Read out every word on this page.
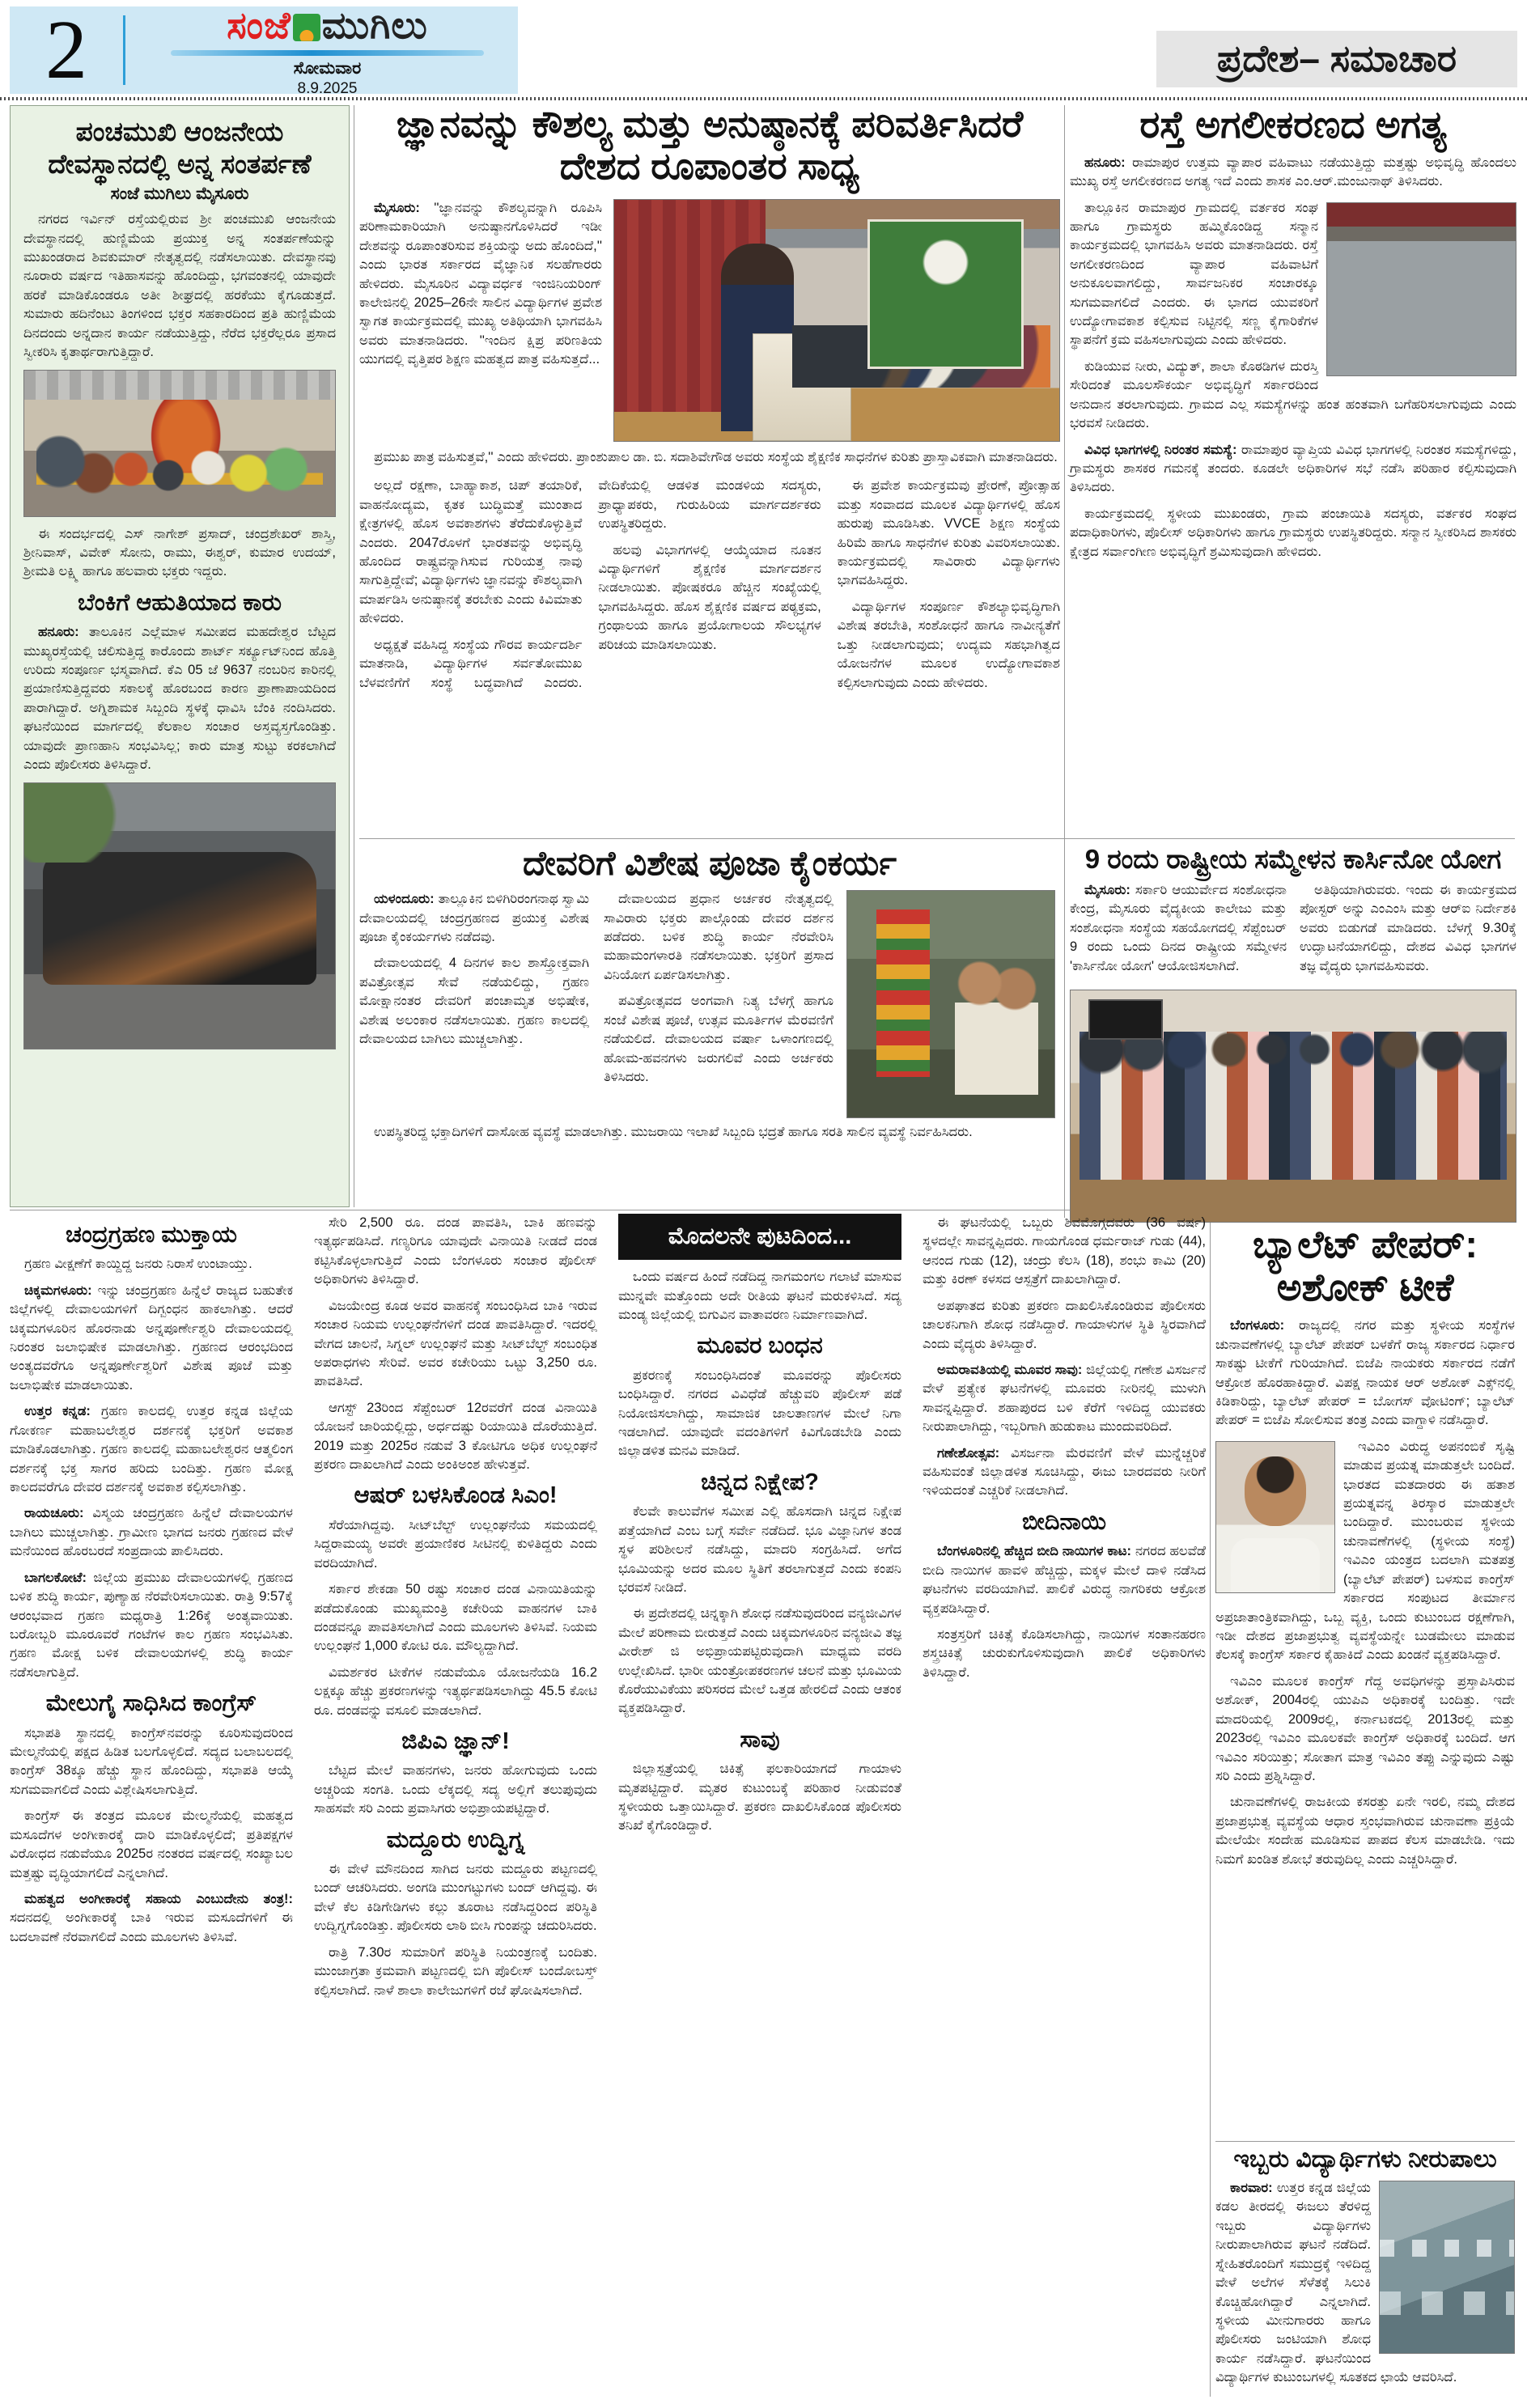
2	ಸಂಜೆ ಮುಗಿಲು
ಸೋಮವಾರ
8.9.2025
ಪ್ರದೇಶ– ಸಮಾಚಾರ
ಪಂಚಮುಖಿ ಆಂಜನೇಯ ದೇವಸ್ಥಾನದಲ್ಲಿ ಅನ್ನ ಸಂತರ್ಪಣೆ
ಸಂಜೆ ಮುಗಿಲು ಮೈಸೂರು

ನಗರದ ಇರ್ವಿನ್ ರಸ್ತೆಯಲ್ಲಿರುವ ಶ್ರೀ ಪಂಚಮುಖಿ ಆಂಜನೇಯ ದೇವಸ್ಥಾನದಲ್ಲಿ ಹುಣ್ಣಿಮೆಯ ಪ್ರಯುಕ್ತ ಅನ್ನ ಸಂತರ್ಪಣೆಯನ್ನು ಮುಖಂಡರಾದ ಶಿವಕುಮಾರ್ ನೇತೃತ್ವದಲ್ಲಿ ನಡೆಸಲಾಯಿತು. ದೇವಸ್ಥಾನವು ನೂರಾರು ವರ್ಷದ ಇತಿಹಾಸವನ್ನು ಹೊಂದಿದ್ದು, ಭಗವಂತನಲ್ಲಿ ಯಾವುದೇ ಹರಕೆ ಮಾಡಿಕೊಂಡರೂ ಅತೀ ಶೀಘ್ರದಲ್ಲಿ ಹರಕೆಯು ಕೈಗೂಡುತ್ತದೆ. ಸುಮಾರು ಹದಿನೆಂಟು ತಿಂಗಳಿಂದ ಭಕ್ತರ ಸಹಕಾರದಿಂದ ಪ್ರತಿ ಹುಣ್ಣಿಮೆಯ ದಿನದಂದು ಅನ್ನದಾನ ಕಾರ್ಯ ನಡೆಯುತ್ತಿದ್ದು, ನೆರೆದ ಭಕ್ತರೆಲ್ಲರೂ ಪ್ರಸಾದ ಸ್ವೀಕರಿಸಿ ಕೃತಾರ್ಥರಾಗುತ್ತಿದ್ದಾರೆ.

ಈ ಸಂದರ್ಭದಲ್ಲಿ ಎಸ್ ನಾಗೇಶ್ ಪ್ರಸಾದ್, ಚಂದ್ರಶೇಖರ್ ಶಾಸ್ತ್ರಿ, ಶ್ರೀನಿವಾಸ್, ವಿವೇಕ್ ಸೋನು, ರಾಮು, ಈಶ್ವರ್, ಕುಮಾರ ಉದಯ್, ಶ್ರೀಮತಿ ಲಕ್ಷ್ಮಿ ಹಾಗೂ ಹಲವಾರು ಭಕ್ತರು ಇದ್ದರು.

ಬೆಂಕಿಗೆ ಆಹುತಿಯಾದ ಕಾರು

ಹನೂರು: ತಾಲೂಕಿನ ಎಲ್ಲೆಮಾಳ ಸಮೀಪದ ಮಹದೇಶ್ವರ ಬೆಟ್ಟದ ಮುಖ್ಯರಸ್ತೆಯಲ್ಲಿ ಚಲಿಸುತ್ತಿದ್ದ ಕಾರೊಂದು ಶಾರ್ಟ್ ಸರ್ಕ್ಯೂಟ್‌ನಿಂದ ಹೊತ್ತಿ ಉರಿದು ಸಂಪೂರ್ಣ ಭಸ್ಮವಾಗಿದೆ. ಕೆಎ 05 ಜೆ 9637 ನಂಬರಿನ ಕಾರಿನಲ್ಲಿ ಪ್ರಯಾಣಿಸುತ್ತಿದ್ದವರು ಸಕಾಲಕ್ಕೆ ಹೊರಬಂದ ಕಾರಣ ಪ್ರಾಣಾಪಾಯದಿಂದ ಪಾರಾಗಿದ್ದಾರೆ. ಅಗ್ನಿಶಾಮಕ ಸಿಬ್ಬಂದಿ ಸ್ಥಳಕ್ಕೆ ಧಾವಿಸಿ ಬೆಂಕಿ ನಂದಿಸಿದರು. ಘಟನೆಯಿಂದ ಮಾರ್ಗದಲ್ಲಿ ಕೆಲಕಾಲ ಸಂಚಾರ ಅಸ್ತವ್ಯಸ್ತಗೊಂಡಿತ್ತು. ಯಾವುದೇ ಪ್ರಾಣಹಾನಿ ಸಂಭವಿಸಿಲ್ಲ; ಕಾರು ಮಾತ್ರ ಸುಟ್ಟು ಕರಕಲಾಗಿದೆ ಎಂದು ಪೊಲೀಸರು ತಿಳಿಸಿದ್ದಾರೆ.

ಜ್ಞಾನವನ್ನು ಕೌಶಲ್ಯ ಮತ್ತು ಅನುಷ್ಠಾನಕ್ಕೆ ಪರಿವರ್ತಿಸಿದರೆ ದೇಶದ ರೂಪಾಂತರ ಸಾಧ್ಯ

ಮೈಸೂರು: ''ಜ್ಞಾನವನ್ನು ಕೌಶಲ್ಯವನ್ನಾಗಿ ರೂಪಿಸಿ ಪರಿಣಾಮಕಾರಿಯಾಗಿ ಅನುಷ್ಠಾನಗೊಳಿಸಿದರೆ ಇಡೀ ದೇಶವನ್ನು ರೂಪಾಂತರಿಸುವ ಶಕ್ತಿಯನ್ನು ಅದು ಹೊಂದಿದೆ,'' ಎಂದು ಭಾರತ ಸರ್ಕಾರದ ವೈಜ್ಞಾನಿಕ ಸಲಹೆಗಾರರು ಹೇಳಿದರು. ಮೈಸೂರಿನ ವಿದ್ಯಾವರ್ಧಕ ಇಂಜಿನಿಯರಿಂಗ್ ಕಾಲೇಜಿನಲ್ಲಿ 2025–26ನೇ ಸಾಲಿನ ವಿದ್ಯಾರ್ಥಿಗಳ ಪ್ರವೇಶ ಸ್ವಾಗತ ಕಾರ್ಯಕ್ರಮದಲ್ಲಿ ಮುಖ್ಯ ಅತಿಥಿಯಾಗಿ ಭಾಗವಹಿಸಿ ಅವರು ಮಾತನಾಡಿದರು. ''ಇಂದಿನ ಕ್ಷಿಪ್ರ ಪರಿಣತಿಯ ಯುಗದಲ್ಲಿ ವೃತ್ತಿಪರ ಶಿಕ್ಷಣ ಮಹತ್ವದ ಪಾತ್ರ ವಹಿಸುತ್ತದೆ...

ಪ್ರಮುಖ ಪಾತ್ರ ವಹಿಸುತ್ತವೆ,'' ಎಂದು ಹೇಳಿದರು. ಪ್ರಾಂಶುಪಾಲ ಡಾ. ಬಿ. ಸದಾಶಿವೇಗೌಡ ಅವರು ಸಂಸ್ಥೆಯ ಶೈಕ್ಷಣಿಕ ಸಾಧನೆಗಳ ಕುರಿತು ಪ್ರಾಸ್ತಾವಿಕವಾಗಿ ಮಾತನಾಡಿದರು.

ಅಲ್ಲದೆ ರಕ್ಷಣಾ, ಬಾಹ್ಯಾಕಾಶ, ಚಿಪ್ ತಯಾರಿಕೆ, ವಾಹನೋದ್ಯಮ, ಕೃತಕ ಬುದ್ಧಿಮತ್ತೆ ಮುಂತಾದ ಕ್ಷೇತ್ರಗಳಲ್ಲಿ ಹೊಸ ಅವಕಾಶಗಳು ತೆರೆದುಕೊಳ್ಳುತ್ತಿವೆ ಎಂದರು. 2047ರೊಳಗೆ ಭಾರತವನ್ನು ಅಭಿವೃದ್ಧಿ ಹೊಂದಿದ ರಾಷ್ಟ್ರವನ್ನಾಗಿಸುವ ಗುರಿಯತ್ತ ನಾವು ಸಾಗುತ್ತಿದ್ದೇವೆ; ವಿದ್ಯಾರ್ಥಿಗಳು ಜ್ಞಾನವನ್ನು ಕೌಶಲ್ಯವಾಗಿ ಮಾರ್ಪಡಿಸಿ ಅನುಷ್ಠಾನಕ್ಕೆ ತರಬೇಕು ಎಂದು ಕಿವಿಮಾತು ಹೇಳಿದರು.

ಅಧ್ಯಕ್ಷತೆ ವಹಿಸಿದ್ದ ಸಂಸ್ಥೆಯ ಗೌರವ ಕಾರ್ಯದರ್ಶಿ ಮಾತನಾಡಿ, ವಿದ್ಯಾರ್ಥಿಗಳ ಸರ್ವತೋಮುಖ ಬೆಳವಣಿಗೆಗೆ ಸಂಸ್ಥೆ ಬದ್ಧವಾಗಿದೆ ಎಂದರು. ವೇದಿಕೆಯಲ್ಲಿ ಆಡಳಿತ ಮಂಡಳಿಯ ಸದಸ್ಯರು, ಪ್ರಾಧ್ಯಾಪಕರು, ಗುರುಹಿರಿಯ ಮಾರ್ಗದರ್ಶಕರು ಉಪಸ್ಥಿತರಿದ್ದರು.

ಹಲವು ವಿಭಾಗಗಳಲ್ಲಿ ಆಯ್ಕೆಯಾದ ನೂತನ ವಿದ್ಯಾರ್ಥಿಗಳಿಗೆ ಶೈಕ್ಷಣಿಕ ಮಾರ್ಗದರ್ಶನ ನೀಡಲಾಯಿತು. ಪೋಷಕರೂ ಹೆಚ್ಚಿನ ಸಂಖ್ಯೆಯಲ್ಲಿ ಭಾಗವಹಿಸಿದ್ದರು. ಹೊಸ ಶೈಕ್ಷಣಿಕ ವರ್ಷದ ಪಠ್ಯಕ್ರಮ, ಗ್ರಂಥಾಲಯ ಹಾಗೂ ಪ್ರಯೋಗಾಲಯ ಸೌಲಭ್ಯಗಳ ಪರಿಚಯ ಮಾಡಿಸಲಾಯಿತು.

ಈ ಪ್ರವೇಶ ಕಾರ್ಯಕ್ರಮವು ಪ್ರೇರಣೆ, ಪ್ರೋತ್ಸಾಹ ಮತ್ತು ಸಂವಾದದ ಮೂಲಕ ವಿದ್ಯಾರ್ಥಿಗಳಲ್ಲಿ ಹೊಸ ಹುರುಪು ಮೂಡಿಸಿತು. VVCE ಶಿಕ್ಷಣ ಸಂಸ್ಥೆಯ ಹಿರಿಮೆ ಹಾಗೂ ಸಾಧನೆಗಳ ಕುರಿತು ವಿವರಿಸಲಾಯಿತು. ಕಾರ್ಯಕ್ರಮದಲ್ಲಿ ಸಾವಿರಾರು ವಿದ್ಯಾರ್ಥಿಗಳು ಭಾಗವಹಿಸಿದ್ದರು.

ವಿದ್ಯಾರ್ಥಿಗಳ ಸಂಪೂರ್ಣ ಕೌಶಲ್ಯಾಭಿವೃದ್ಧಿಗಾಗಿ ವಿಶೇಷ ತರಬೇತಿ, ಸಂಶೋಧನೆ ಹಾಗೂ ನಾವೀನ್ಯತೆಗೆ ಒತ್ತು ನೀಡಲಾಗುವುದು; ಉದ್ಯಮ ಸಹಭಾಗಿತ್ವದ ಯೋಜನೆಗಳ ಮೂಲಕ ಉದ್ಯೋಗಾವಕಾಶ ಕಲ್ಪಿಸಲಾಗುವುದು ಎಂದು ಹೇಳಿದರು.

ರಸ್ತೆ ಅಗಲೀಕರಣದ ಅಗತ್ಯ

ಹನೂರು: ರಾಮಾಪುರ ಉತ್ತಮ ವ್ಯಾಪಾರ ವಹಿವಾಟು ನಡೆಯುತ್ತಿದ್ದು ಮತ್ತಷ್ಟು ಅಭಿವೃದ್ಧಿ ಹೊಂದಲು ಮುಖ್ಯ ರಸ್ತೆ ಅಗಲೀಕರಣದ ಅಗತ್ಯ ಇದೆ ಎಂದು ಶಾಸಕ ಎಂ.ಆರ್.ಮಂಜುನಾಥ್ ತಿಳಿಸಿದರು.

ತಾಲ್ಲೂಕಿನ ರಾಮಾಪುರ ಗ್ರಾಮದಲ್ಲಿ ವರ್ತಕರ ಸಂಘ ಹಾಗೂ ಗ್ರಾಮಸ್ಥರು ಹಮ್ಮಿಕೊಂಡಿದ್ದ ಸನ್ಮಾನ ಕಾರ್ಯಕ್ರಮದಲ್ಲಿ ಭಾಗವಹಿಸಿ ಅವರು ಮಾತನಾಡಿದರು. ರಸ್ತೆ ಅಗಲೀಕರಣದಿಂದ ವ್ಯಾಪಾರ ವಹಿವಾಟಿಗೆ ಅನುಕೂಲವಾಗಲಿದ್ದು, ಸಾರ್ವಜನಿಕರ ಸಂಚಾರಕ್ಕೂ ಸುಗಮವಾಗಲಿದೆ ಎಂದರು. ಈ ಭಾಗದ ಯುವಕರಿಗೆ ಉದ್ಯೋಗಾವಕಾಶ ಕಲ್ಪಿಸುವ ನಿಟ್ಟಿನಲ್ಲಿ ಸಣ್ಣ ಕೈಗಾರಿಕೆಗಳ ಸ್ಥಾಪನೆಗೆ ಕ್ರಮ ವಹಿಸಲಾಗುವುದು ಎಂದು ಹೇಳಿದರು.

ಕುಡಿಯುವ ನೀರು, ವಿದ್ಯುತ್, ಶಾಲಾ ಕೊಠಡಿಗಳ ದುರಸ್ತಿ ಸೇರಿದಂತೆ ಮೂಲಸೌಕರ್ಯ ಅಭಿವೃದ್ಧಿಗೆ ಸರ್ಕಾರದಿಂದ ಅನುದಾನ ತರಲಾಗುವುದು. ಗ್ರಾಮದ ಎಲ್ಲ ಸಮಸ್ಯೆಗಳನ್ನು ಹಂತ ಹಂತವಾಗಿ ಬಗೆಹರಿಸಲಾಗುವುದು ಎಂದು ಭರವಸೆ ನೀಡಿದರು.

ವಿವಿಧ ಭಾಗಗಳಲ್ಲಿ ನಿರಂತರ ಸಮಸ್ಯೆ: ರಾಮಾಪುರ ವ್ಯಾಪ್ತಿಯ ವಿವಿಧ ಭಾಗಗಳಲ್ಲಿ ನಿರಂತರ ಸಮಸ್ಯೆಗಳಿದ್ದು, ಗ್ರಾಮಸ್ಥರು ಶಾಸಕರ ಗಮನಕ್ಕೆ ತಂದರು. ಕೂಡಲೇ ಅಧಿಕಾರಿಗಳ ಸಭೆ ನಡೆಸಿ ಪರಿಹಾರ ಕಲ್ಪಿಸುವುದಾಗಿ ತಿಳಿಸಿದರು.

ಕಾರ್ಯಕ್ರಮದಲ್ಲಿ ಸ್ಥಳೀಯ ಮುಖಂಡರು, ಗ್ರಾಮ ಪಂಚಾಯಿತಿ ಸದಸ್ಯರು, ವರ್ತಕರ ಸಂಘದ ಪದಾಧಿಕಾರಿಗಳು, ಪೊಲೀಸ್ ಅಧಿಕಾರಿಗಳು ಹಾಗೂ ಗ್ರಾಮಸ್ಥರು ಉಪಸ್ಥಿತರಿದ್ದರು. ಸನ್ಮಾನ ಸ್ವೀಕರಿಸಿದ ಶಾಸಕರು ಕ್ಷೇತ್ರದ ಸರ್ವಾಂಗೀಣ ಅಭಿವೃದ್ಧಿಗೆ ಶ್ರಮಿಸುವುದಾಗಿ ಹೇಳಿದರು.

ದೇವರಿಗೆ ವಿಶೇಷ ಪೂಜಾ ಕೈಂಕರ್ಯ

ಯಳಂದೂರು: ತಾಲ್ಲೂಕಿನ ಬಿಳಿಗಿರಿರಂಗನಾಥ ಸ್ವಾಮಿ ದೇವಾಲಯದಲ್ಲಿ ಚಂದ್ರಗ್ರಹಣದ ಪ್ರಯುಕ್ತ ವಿಶೇಷ ಪೂಜಾ ಕೈಂಕರ್ಯಗಳು ನಡೆದವು.

ದೇವಾಲಯದಲ್ಲಿ 4 ದಿನಗಳ ಕಾಲ ಶಾಸ್ತ್ರೋಕ್ತವಾಗಿ ಪವಿತ್ರೋತ್ಸವ ಸೇವೆ ನಡೆಯಲಿದ್ದು, ಗ್ರಹಣ ಮೋಕ್ಷಾನಂತರ ದೇವರಿಗೆ ಪಂಚಾಮೃತ ಅಭಿಷೇಕ, ವಿಶೇಷ ಅಲಂಕಾರ ನಡೆಸಲಾಯಿತು. ಗ್ರಹಣ ಕಾಲದಲ್ಲಿ ದೇವಾಲಯದ ಬಾಗಿಲು ಮುಚ್ಚಲಾಗಿತ್ತು.

ದೇವಾಲಯದ ಪ್ರಧಾನ ಅರ್ಚಕರ ನೇತೃತ್ವದಲ್ಲಿ ಸಾವಿರಾರು ಭಕ್ತರು ಪಾಲ್ಗೊಂಡು ದೇವರ ದರ್ಶನ ಪಡೆದರು. ಬಳಿಕ ಶುದ್ಧಿ ಕಾರ್ಯ ನೆರವೇರಿಸಿ ಮಹಾಮಂಗಳಾರತಿ ನಡೆಸಲಾಯಿತು. ಭಕ್ತರಿಗೆ ಪ್ರಸಾದ ವಿನಿಯೋಗ ಏರ್ಪಡಿಸಲಾಗಿತ್ತು.

ಪವಿತ್ರೋತ್ಸವದ ಅಂಗವಾಗಿ ನಿತ್ಯ ಬೆಳಗ್ಗೆ ಹಾಗೂ ಸಂಜೆ ವಿಶೇಷ ಪೂಜೆ, ಉತ್ಸವ ಮೂರ್ತಿಗಳ ಮೆರವಣಿಗೆ ನಡೆಯಲಿದೆ. ದೇವಾಲಯದ ವರ್ಷಾ ಒಳಾಂಗಣದಲ್ಲಿ ಹೋಮ-ಹವನಗಳು ಜರುಗಲಿವೆ ಎಂದು ಅರ್ಚಕರು ತಿಳಿಸಿದರು.

ಉಪಸ್ಥಿತರಿದ್ದ ಭಕ್ತಾದಿಗಳಿಗೆ ದಾಸೋಹ ವ್ಯವಸ್ಥೆ ಮಾಡಲಾಗಿತ್ತು. ಮುಜರಾಯಿ ಇಲಾಖೆ ಸಿಬ್ಬಂದಿ ಭದ್ರತೆ ಹಾಗೂ ಸರತಿ ಸಾಲಿನ ವ್ಯವಸ್ಥೆ ನಿರ್ವಹಿಸಿದರು.

9 ರಂದು ರಾಷ್ಟ್ರೀಯ ಸಮ್ಮೇಳನ ಕಾರ್ಸಿನೋ ಯೋಗ

ಮೈಸೂರು: ಸರ್ಕಾರಿ ಆಯುರ್ವೇದ ಸಂಶೋಧನಾ ಕೇಂದ್ರ, ಮೈಸೂರು ವೈದ್ಯಕೀಯ ಕಾಲೇಜು ಮತ್ತು ಸಂಶೋಧನಾ ಸಂಸ್ಥೆಯ ಸಹಯೋಗದಲ್ಲಿ ಸೆಪ್ಟೆಂಬರ್ 9 ರಂದು ಒಂದು ದಿನದ ರಾಷ್ಟ್ರೀಯ ಸಮ್ಮೇಳನ 'ಕಾರ್ಸಿನೋ ಯೋಗ' ಆಯೋಜಿಸಲಾಗಿದೆ.

ಅತಿಥಿಯಾಗಿರುವರು. ಇಂದು ಈ ಕಾರ್ಯಕ್ರಮದ ಪೋಸ್ಟರ್ ಅನ್ನು ಎಂಎಂಸಿ ಮತ್ತು ಆರ್‌ಐ ನಿರ್ದೇಶಕಿ ಅವರು ಬಿಡುಗಡೆ ಮಾಡಿದರು. ಬೆಳಗ್ಗೆ 9.30ಕ್ಕೆ ಉದ್ಘಾಟನೆಯಾಗಲಿದ್ದು, ದೇಶದ ವಿವಿಧ ಭಾಗಗಳ ತಜ್ಞ ವೈದ್ಯರು ಭಾಗವಹಿಸುವರು.

ಬ್ಯಾಲೆಟ್ ಪೇಪರ್:
ಅಶೋಕ್ ಟೀಕೆ

ಬೆಂಗಳೂರು: ರಾಜ್ಯದಲ್ಲಿ ನಗರ ಮತ್ತು ಸ್ಥಳೀಯ ಸಂಸ್ಥೆಗಳ ಚುನಾವಣೆಗಳಲ್ಲಿ ಬ್ಯಾಲೆಟ್ ಪೇಪರ್ ಬಳಕೆಗೆ ರಾಜ್ಯ ಸರ್ಕಾರದ ನಿರ್ಧಾರ ಸಾಕಷ್ಟು ಟೀಕೆಗೆ ಗುರಿಯಾಗಿದೆ. ಬಿಜೆಪಿ ನಾಯಕರು ಸರ್ಕಾರದ ನಡೆಗೆ ಆಕ್ರೋಶ ಹೊರಹಾಕಿದ್ದಾರೆ. ವಿಪಕ್ಷ ನಾಯಕ ಆರ್ ಅಶೋಕ್ ಎಕ್ಸ್‌ನಲ್ಲಿ ಕಿಡಿಕಾರಿದ್ದು, ಬ್ಯಾಲೆಟ್ ಪೇಪರ್ = ಬೋಗಸ್ ವೋಟಿಂಗ್; ಬ್ಯಾಲೆಟ್ ಪೇಪರ್ = ಬಿಜೆಪಿ ಸೋಲಿಸುವ ತಂತ್ರ ಎಂದು ವಾಗ್ದಾಳಿ ನಡೆಸಿದ್ದಾರೆ.

ಇವಿಎಂ ವಿರುದ್ಧ ಅಪನಂಬಿಕೆ ಸೃಷ್ಟಿ ಮಾಡುವ ಪ್ರಯತ್ನ ಮಾಡುತ್ತಲೇ ಬಂದಿದೆ. ಭಾರತದ ಮತದಾರರು ಈ ಹತಾಶ ಪ್ರಯತ್ನವನ್ನ ತಿರಸ್ಕಾರ ಮಾಡುತ್ತಲೇ ಬಂದಿದ್ದಾರೆ. ಮುಂಬರುವ ಸ್ಥಳೀಯ ಚುನಾವಣೆಗಳಲ್ಲಿ (ಸ್ಥಳೀಯ ಸಂಸ್ಥೆ) ಇವಿಎಂ ಯಂತ್ರದ ಬದಲಾಗಿ ಮತಪತ್ರ (ಬ್ಯಾಲೆಟ್ ಪೇಪರ್) ಬಳಸುವ ಕಾಂಗ್ರೆಸ್ ಸರ್ಕಾರದ ಸಂಪುಟದ ತೀರ್ಮಾನ ಅಪ್ರಜಾತಾಂತ್ರಿಕವಾಗಿದ್ದು, ಒಬ್ಬ ವ್ಯಕ್ತಿ, ಒಂದು ಕುಟುಂಬದ ರಕ್ಷಣೆಗಾಗಿ, ಇಡೀ ದೇಶದ ಪ್ರಜಾಪ್ರಭುತ್ವ ವ್ಯವಸ್ಥೆಯನ್ನೇ ಬುಡಮೇಲು ಮಾಡುವ ಕೆಲಸಕ್ಕೆ ಕಾಂಗ್ರೆಸ್ ಸರ್ಕಾರ ಕೈಹಾಕಿದೆ ಎಂದು ಖಂಡನೆ ವ್ಯಕ್ತಪಡಿಸಿದ್ದಾರೆ.

ಇವಿಎಂ ಮೂಲಕ ಕಾಂಗ್ರೆಸ್ ಗೆದ್ದ ಅವಧಿಗಳನ್ನು ಪ್ರಸ್ತಾಪಿಸಿರುವ ಅಶೋಕ್, 2004ರಲ್ಲಿ ಯುಪಿಎ ಅಧಿಕಾರಕ್ಕೆ ಬಂದಿತ್ತು. ಇದೇ ಮಾದರಿಯಲ್ಲಿ 2009ರಲ್ಲಿ, ಕರ್ನಾಟಕದಲ್ಲಿ 2013ರಲ್ಲಿ ಮತ್ತು 2023ರಲ್ಲಿ ಇವಿಎಂ ಮೂಲಕವೇ ಕಾಂಗ್ರೆಸ್ ಅಧಿಕಾರಕ್ಕೆ ಬಂದಿದೆ. ಆಗ ಇವಿಎಂ ಸರಿಯಿತ್ತು; ಸೋತಾಗ ಮಾತ್ರ ಇವಿಎಂ ತಪ್ಪು ಎನ್ನುವುದು ಎಷ್ಟು ಸರಿ ಎಂದು ಪ್ರಶ್ನಿಸಿದ್ದಾರೆ.

ಚುನಾವಣೆಗಳಲ್ಲಿ ರಾಜಕೀಯ ಕಸರತ್ತು ಏನೇ ಇರಲಿ, ನಮ್ಮ ದೇಶದ ಪ್ರಜಾಪ್ರಭುತ್ವ ವ್ಯವಸ್ಥೆಯ ಆಧಾರ ಸ್ತಂಭವಾಗಿರುವ ಚುನಾವಣಾ ಪ್ರಕ್ರಿಯೆ ಮೇಲೆಯೇ ಸಂದೇಹ ಮೂಡಿಸುವ ಪಾಪದ ಕೆಲಸ ಮಾಡಬೇಡಿ. ಇದು ನಿಮಗೆ ಖಂಡಿತ ಶೋಭೆ ತರುವುದಿಲ್ಲ ಎಂದು ಎಚ್ಚರಿಸಿದ್ದಾರೆ.

ಚಂದ್ರಗ್ರಹಣ ಮುಕ್ತಾಯ

ಗ್ರಹಣ ವೀಕ್ಷಣೆಗೆ ಕಾಯ್ದಿದ್ದ ಜನರು ನಿರಾಸೆ ಉಂಟಾಯ್ತು.

ಚಿಕ್ಕಮಗಳೂರು: ಇನ್ನು ಚಂದ್ರಗ್ರಹಣ ಹಿನ್ನೆಲೆ ರಾಜ್ಯದ ಬಹುತೇಕ ಜಿಲ್ಲೆಗಳಲ್ಲಿ ದೇವಾಲಯಗಳಿಗೆ ದಿಗ್ಬಂಧನ ಹಾಕಲಾಗಿತ್ತು. ಆದರೆ ಚಿಕ್ಕಮಗಳೂರಿನ ಹೊರನಾಡು ಅನ್ನಪೂರ್ಣೇಶ್ವರಿ ದೇವಾಲಯದಲ್ಲಿ ನಿರಂತರ ಜಲಾಭಿಷೇಕ ಮಾಡಲಾಗಿತ್ತು. ಗ್ರಹಣದ ಆರಂಭದಿಂದ ಅಂತ್ಯದವರೆಗೂ ಅನ್ನಪೂರ್ಣೇಶ್ವರಿಗೆ ವಿಶೇಷ ಪೂಜೆ ಮತ್ತು ಜಲಾಭಿಷೇಕ ಮಾಡಲಾಯಿತು.

ಉತ್ತರ ಕನ್ನಡ: ಗ್ರಹಣ ಕಾಲದಲ್ಲಿ ಉತ್ತರ ಕನ್ನಡ ಜಿಲ್ಲೆಯ ಗೋಕರ್ಣ ಮಹಾಬಲೇಶ್ವರ ದರ್ಶನಕ್ಕೆ ಭಕ್ತರಿಗೆ ಅವಕಾಶ ಮಾಡಿಕೊಡಲಾಗಿತ್ತು. ಗ್ರಹಣ ಕಾಲದಲ್ಲಿ ಮಹಾಬಲೇಶ್ವರನ ಆತ್ಮಲಿಂಗ ದರ್ಶನಕ್ಕೆ ಭಕ್ತ ಸಾಗರ ಹರಿದು ಬಂದಿತ್ತು. ಗ್ರಹಣ ಮೋಕ್ಷ ಕಾಲದವರೆಗೂ ದೇವರ ದರ್ಶನಕ್ಕೆ ಅವಕಾಶ ಕಲ್ಪಿಸಲಾಗಿತ್ತು.

ರಾಯಚೂರು: ವಿಸ್ಮಯ ಚಂದ್ರಗ್ರಹಣ ಹಿನ್ನೆಲೆ ದೇವಾಲಯಗಳ ಬಾಗಿಲು ಮುಚ್ಚಲಾಗಿತ್ತು. ಗ್ರಾಮೀಣ ಭಾಗದ ಜನರು ಗ್ರಹಣದ ವೇಳೆ ಮನೆಯಿಂದ ಹೊರಬರದೆ ಸಂಪ್ರದಾಯ ಪಾಲಿಸಿದರು.

ಬಾಗಲಕೋಟೆ: ಜಿಲ್ಲೆಯ ಪ್ರಮುಖ ದೇವಾಲಯಗಳಲ್ಲಿ ಗ್ರಹಣದ ಬಳಿಕ ಶುದ್ಧಿ ಕಾರ್ಯ, ಪುಣ್ಯಾಹ ನೆರವೇರಿಸಲಾಯಿತು. ರಾತ್ರಿ 9:57ಕ್ಕೆ ಆರಂಭವಾದ ಗ್ರಹಣ ಮಧ್ಯರಾತ್ರಿ 1:26ಕ್ಕೆ ಅಂತ್ಯವಾಯಿತು. ಬರೋಬ್ಬರಿ ಮೂರೂವರೆ ಗಂಟೆಗಳ ಕಾಲ ಗ್ರಹಣ ಸಂಭವಿಸಿತು. ಗ್ರಹಣ ಮೋಕ್ಷ ಬಳಿಕ ದೇವಾಲಯಗಳಲ್ಲಿ ಶುದ್ಧಿ ಕಾರ್ಯ ನಡೆಸಲಾಗುತ್ತಿದೆ.

ಮೇಲುಗೈ ಸಾಧಿಸಿದ ಕಾಂಗ್ರೆಸ್

ಸಭಾಪತಿ ಸ್ಥಾನದಲ್ಲಿ ಕಾಂಗ್ರೆಸ್‌ನವರನ್ನು ಕೂರಿಸುವುದರಿಂದ ಮೇಲ್ಮನೆಯಲ್ಲಿ ಪಕ್ಷದ ಹಿಡಿತ ಬಲಗೊಳ್ಳಲಿದೆ. ಸದ್ಯದ ಬಲಾಬಲದಲ್ಲಿ ಕಾಂಗ್ರೆಸ್ 38ಕ್ಕೂ ಹೆಚ್ಚು ಸ್ಥಾನ ಹೊಂದಿದ್ದು, ಸಭಾಪತಿ ಆಯ್ಕೆ ಸುಗಮವಾಗಲಿದೆ ಎಂದು ವಿಶ್ಲೇಷಿಸಲಾಗುತ್ತಿದೆ.

ಕಾಂಗ್ರೆಸ್ ಈ ತಂತ್ರದ ಮೂಲಕ ಮೇಲ್ಮನೆಯಲ್ಲಿ ಮಹತ್ವದ ಮಸೂದೆಗಳ ಅಂಗೀಕಾರಕ್ಕೆ ದಾರಿ ಮಾಡಿಕೊಳ್ಳಲಿದೆ; ಪ್ರತಿಪಕ್ಷಗಳ ವಿರೋಧದ ನಡುವೆಯೂ 2025ರ ನಂತರದ ವರ್ಷದಲ್ಲಿ ಸಂಖ್ಯಾಬಲ ಮತ್ತಷ್ಟು ವೃದ್ಧಿಯಾಗಲಿದೆ ಎನ್ನಲಾಗಿದೆ.

ಮಹತ್ವದ ಅಂಗೀಕಾರಕ್ಕೆ ಸಹಾಯ ಎಂಬುದೇನು ತಂತ್ರ!: ಸದನದಲ್ಲಿ ಅಂಗೀಕಾರಕ್ಕೆ ಬಾಕಿ ಇರುವ ಮಸೂದೆಗಳಿಗೆ ಈ ಬದಲಾವಣೆ ನೆರವಾಗಲಿದೆ ಎಂದು ಮೂಲಗಳು ತಿಳಿಸಿವೆ.

ಸೇರಿ 2,500 ರೂ. ದಂಡ ಪಾವತಿಸಿ, ಬಾಕಿ ಹಣವನ್ನು ಇತ್ಯರ್ಥಪಡಿಸಿದೆ. ಗಣ್ಯರಿಗೂ ಯಾವುದೇ ವಿನಾಯಿತಿ ನೀಡದೆ ದಂಡ ಕಟ್ಟಿಸಿಕೊಳ್ಳಲಾಗುತ್ತಿದೆ ಎಂದು ಬೆಂಗಳೂರು ಸಂಚಾರ ಪೊಲೀಸ್ ಅಧಿಕಾರಿಗಳು ತಿಳಿಸಿದ್ದಾರೆ.

ವಿಜಯೇಂದ್ರ ಕೂಡ ಅವರ ವಾಹನಕ್ಕೆ ಸಂಬಂಧಿಸಿದ ಬಾಕಿ ಇರುವ ಸಂಚಾರ ನಿಯಮ ಉಲ್ಲಂಘನೆಗಳಿಗೆ ದಂಡ ಪಾವತಿಸಿದ್ದಾರೆ. ಇದರಲ್ಲಿ ವೇಗದ ಚಾಲನೆ, ಸಿಗ್ನಲ್ ಉಲ್ಲಂಘನೆ ಮತ್ತು ಸೀಟ್‌ಬೆಲ್ಟ್ ಸಂಬಂಧಿತ ಅಪರಾಧಗಳು ಸೇರಿವೆ. ಅವರ ಕಚೇರಿಯು ಒಟ್ಟು 3,250 ರೂ. ಪಾವತಿಸಿದೆ.

ಆಗಸ್ಟ್ 23ರಿಂದ ಸೆಪ್ಟೆಂಬರ್ 12ರವರೆಗೆ ದಂಡ ವಿನಾಯಿತಿ ಯೋಜನೆ ಜಾರಿಯಲ್ಲಿದ್ದು, ಅರ್ಧದಷ್ಟು ರಿಯಾಯಿತಿ ದೊರೆಯುತ್ತಿದೆ. 2019 ಮತ್ತು 2025ರ ನಡುವೆ 3 ಕೋಟಿಗೂ ಅಧಿಕ ಉಲ್ಲಂಘನೆ ಪ್ರಕರಣ ದಾಖಲಾಗಿದೆ ಎಂದು ಅಂಕಿಅಂಶ ಹೇಳುತ್ತವೆ.

ಆಷರ್ ಬಳಸಿಕೊಂಡ ಸಿಎಂ!

ಸೆರೆಯಾಗಿದ್ದವು. ಸೀಟ್‌ಬೆಲ್ಟ್ ಉಲ್ಲಂಘನೆಯ ಸಮಯದಲ್ಲಿ ಸಿದ್ದರಾಮಯ್ಯ ಅವರೇ ಪ್ರಯಾಣಿಕರ ಸೀಟಿನಲ್ಲಿ ಕುಳಿತಿದ್ದರು ಎಂದು ವರದಿಯಾಗಿದೆ.

ಸರ್ಕಾರ ಶೇಕಡಾ 50 ರಷ್ಟು ಸಂಚಾರ ದಂಡ ವಿನಾಯಿತಿಯನ್ನು ಪಡೆದುಕೊಂಡು ಮುಖ್ಯಮಂತ್ರಿ ಕಚೇರಿಯ ವಾಹನಗಳ ಬಾಕಿ ದಂಡವನ್ನೂ ಪಾವತಿಸಲಾಗಿದೆ ಎಂದು ಮೂಲಗಳು ತಿಳಿಸಿವೆ. ನಿಯಮ ಉಲ್ಲಂಘನೆ 1,000 ಕೋಟಿ ರೂ. ಮೌಲ್ಯದ್ದಾಗಿದೆ.

ವಿಮರ್ಶಕರ ಟೀಕೆಗಳ ನಡುವೆಯೂ ಯೋಜನೆಯಡಿ 16.2 ಲಕ್ಷಕ್ಕೂ ಹೆಚ್ಚು ಪ್ರಕರಣಗಳನ್ನು ಇತ್ಯರ್ಥಪಡಿಸಲಾಗಿದ್ದು 45.5 ಕೋಟಿ ರೂ. ದಂಡವನ್ನು ವಸೂಲಿ ಮಾಡಲಾಗಿದೆ.

ಜಿಪಿಎ ಜ್ಞಾನ್!

ಬೆಟ್ಟದ ಮೇಲೆ ವಾಹನಗಳು, ಜನರು ಹೋಗುವುದು ಒಂದು ಅಚ್ಚರಿಯ ಸಂಗತಿ. ಒಂದು ಲೆಕ್ಕದಲ್ಲಿ ಸದ್ಯ ಅಲ್ಲಿಗೆ ತಲುಪುವುದು ಸಾಹಸವೇ ಸರಿ ಎಂದು ಪ್ರವಾಸಿಗರು ಅಭಿಪ್ರಾಯಪಟ್ಟಿದ್ದಾರೆ.

ಮದ್ದೂರು ಉದ್ವಿಗ್ನ

ಈ ವೇಳೆ ಮೌನದಿಂದ ಸಾಗಿದ ಜನರು ಮದ್ದೂರು ಪಟ್ಟಣದಲ್ಲಿ ಬಂದ್ ಆಚರಿಸಿದರು. ಅಂಗಡಿ ಮುಂಗಟ್ಟುಗಳು ಬಂದ್ ಆಗಿದ್ದವು. ಈ ವೇಳೆ ಕೆಲ ಕಿಡಿಗೇಡಿಗಳು ಕಲ್ಲು ತೂರಾಟ ನಡೆಸಿದ್ದರಿಂದ ಪರಿಸ್ಥಿತಿ ಉದ್ವಿಗ್ನಗೊಂಡಿತ್ತು. ಪೊಲೀಸರು ಲಾಠಿ ಬೀಸಿ ಗುಂಪನ್ನು ಚದುರಿಸಿದರು.

ರಾತ್ರಿ 7.30ರ ಸುಮಾರಿಗೆ ಪರಿಸ್ಥಿತಿ ನಿಯಂತ್ರಣಕ್ಕೆ ಬಂದಿತು. ಮುಂಜಾಗ್ರತಾ ಕ್ರಮವಾಗಿ ಪಟ್ಟಣದಲ್ಲಿ ಬಿಗಿ ಪೊಲೀಸ್ ಬಂದೋಬಸ್ತ್ ಕಲ್ಪಿಸಲಾಗಿದೆ. ನಾಳೆ ಶಾಲಾ ಕಾಲೇಜುಗಳಿಗೆ ರಜೆ ಘೋಷಿಸಲಾಗಿದೆ.

ಮೊದಲನೇ ಪುಟದಿಂದ...

ಒಂದು ವರ್ಷದ ಹಿಂದೆ ನಡೆದಿದ್ದ ನಾಗಮಂಗಲ ಗಲಾಟೆ ಮಾಸುವ ಮುನ್ನವೇ ಮತ್ತೊಂದು ಅದೇ ರೀತಿಯ ಘಟನೆ ಮರುಕಳಿಸಿದೆ. ಸದ್ಯ ಮಂಡ್ಯ ಜಿಲ್ಲೆಯಲ್ಲಿ ಬಿಗುವಿನ ವಾತಾವರಣ ನಿರ್ಮಾಣವಾಗಿದೆ.

ಮೂವರ ಬಂಧನ

ಪ್ರಕರಣಕ್ಕೆ ಸಂಬಂಧಿಸಿದಂತೆ ಮೂವರನ್ನು ಪೊಲೀಸರು ಬಂಧಿಸಿದ್ದಾರೆ. ನಗರದ ವಿವಿಧೆಡೆ ಹೆಚ್ಚುವರಿ ಪೊಲೀಸ್ ಪಡೆ ನಿಯೋಜಿಸಲಾಗಿದ್ದು, ಸಾಮಾಜಿಕ ಜಾಲತಾಣಗಳ ಮೇಲೆ ನಿಗಾ ಇಡಲಾಗಿದೆ. ಯಾವುದೇ ವದಂತಿಗಳಿಗೆ ಕಿವಿಗೊಡಬೇಡಿ ಎಂದು ಜಿಲ್ಲಾಡಳಿತ ಮನವಿ ಮಾಡಿದೆ.

ಚಿನ್ನದ ನಿಕ್ಷೇಪ?

ಕೆಲವೇ ಕಾಲುವೆಗಳ ಸಮೀಪ ಎಲ್ಲಿ ಹೊಸದಾಗಿ ಚಿನ್ನದ ನಿಕ್ಷೇಪ ಪತ್ತೆಯಾಗಿದೆ ಎಂಬ ಬಗ್ಗೆ ಸರ್ವೇ ನಡೆದಿದೆ. ಭೂ ವಿಜ್ಞಾನಿಗಳ ತಂಡ ಸ್ಥಳ ಪರಿಶೀಲನೆ ನಡೆಸಿದ್ದು, ಮಾದರಿ ಸಂಗ್ರಹಿಸಿದೆ. ಅಗೆದ ಭೂಮಿಯನ್ನು ಅದರ ಮೂಲ ಸ್ಥಿತಿಗೆ ತರಲಾಗುತ್ತದೆ ಎಂದು ಕಂಪನಿ ಭರವಸೆ ನೀಡಿದೆ.

ಈ ಪ್ರದೇಶದಲ್ಲಿ ಚಿನ್ನಕ್ಕಾಗಿ ಶೋಧ ನಡೆಸುವುದರಿಂದ ವನ್ಯಜೀವಿಗಳ ಮೇಲೆ ಪರಿಣಾಮ ಬೀರುತ್ತದೆ ಎಂದು ಚಿಕ್ಕಮಗಳೂರಿನ ವನ್ಯಜೀವಿ ತಜ್ಞ ವೀರೇಶ್ ಜಿ ಅಭಿಪ್ರಾಯಪಟ್ಟಿರುವುದಾಗಿ ಮಾಧ್ಯಮ ವರದಿ ಉಲ್ಲೇಖಿಸಿದೆ. ಭಾರೀ ಯಂತ್ರೋಪಕರಣಗಳ ಚಲನೆ ಮತ್ತು ಭೂಮಿಯ ಕೊರೆಯುವಿಕೆಯು ಪರಿಸರದ ಮೇಲೆ ಒತ್ತಡ ಹೇರಲಿದೆ ಎಂದು ಆತಂಕ ವ್ಯಕ್ತಪಡಿಸಿದ್ದಾರೆ.

ಸಾವು

ಜಿಲ್ಲಾಸ್ಪತ್ರೆಯಲ್ಲಿ ಚಿಕಿತ್ಸೆ ಫಲಕಾರಿಯಾಗದೆ ಗಾಯಾಳು ಮೃತಪಟ್ಟಿದ್ದಾರೆ. ಮೃತರ ಕುಟುಂಬಕ್ಕೆ ಪರಿಹಾರ ನೀಡುವಂತೆ ಸ್ಥಳೀಯರು ಒತ್ತಾಯಿಸಿದ್ದಾರೆ. ಪ್ರಕರಣ ದಾಖಲಿಸಿಕೊಂಡ ಪೊಲೀಸರು ತನಿಖೆ ಕೈಗೊಂಡಿದ್ದಾರೆ.

ಈ ಘಟನೆಯಲ್ಲಿ ಒಬ್ಬರು ಶಿವಮೊಗ್ಗದವರು (36 ವರ್ಷ) ಸ್ಥಳದಲ್ಲೇ ಸಾವನ್ನಪ್ಪಿದರು. ಗಾಯಗೊಂಡ ಧರ್ಮರಾಜ್ ಗುಡು (44), ಆನಂದ ಗುಡು (12), ಚಂದ್ರು ಕೆಲಸಿ (18), ಶಂಭು ಕಾಮಿ (20) ಮತ್ತು ಕಿರಣ್ ಕಳಸದ ಆಸ್ಪತ್ರೆಗೆ ದಾಖಲಾಗಿದ್ದಾರೆ.

ಅಪಘಾತದ ಕುರಿತು ಪ್ರಕರಣ ದಾಖಲಿಸಿಕೊಂಡಿರುವ ಪೊಲೀಸರು ಚಾಲಕನಿಗಾಗಿ ಶೋಧ ನಡೆಸಿದ್ದಾರೆ. ಗಾಯಾಳುಗಳ ಸ್ಥಿತಿ ಸ್ಥಿರವಾಗಿದೆ ಎಂದು ವೈದ್ಯರು ತಿಳಿಸಿದ್ದಾರೆ.

ಅಮರಾವತಿಯಲ್ಲಿ ಮೂವರ ಸಾವು: ಜಿಲ್ಲೆಯಲ್ಲಿ ಗಣೇಶ ವಿಸರ್ಜನೆ ವೇಳೆ ಪ್ರತ್ಯೇಕ ಘಟನೆಗಳಲ್ಲಿ ಮೂವರು ನೀರಿನಲ್ಲಿ ಮುಳುಗಿ ಸಾವನ್ನಪ್ಪಿದ್ದಾರೆ. ಶಹಾಪುರದ ಬಳಿ ಕೆರೆಗೆ ಇಳಿದಿದ್ದ ಯುವಕರು ನೀರುಪಾಲಾಗಿದ್ದು, ಇಬ್ಬರಿಗಾಗಿ ಹುಡುಕಾಟ ಮುಂದುವರಿದಿದೆ.

ಗಣೇಶೋತ್ಸವ: ವಿಸರ್ಜನಾ ಮೆರವಣಿಗೆ ವೇಳೆ ಮುನ್ನೆಚ್ಚರಿಕೆ ವಹಿಸುವಂತೆ ಜಿಲ್ಲಾಡಳಿತ ಸೂಚಿಸಿದ್ದು, ಈಜು ಬಾರದವರು ನೀರಿಗೆ ಇಳಿಯದಂತೆ ಎಚ್ಚರಿಕೆ ನೀಡಲಾಗಿದೆ.

ಬೀದಿನಾಯಿ

ಬೆಂಗಳೂರಿನಲ್ಲಿ ಹೆಚ್ಚಿದ ಬೀದಿ ನಾಯಿಗಳ ಕಾಟ: ನಗರದ ಹಲವೆಡೆ ಬೀದಿ ನಾಯಿಗಳ ಹಾವಳಿ ಹೆಚ್ಚಿದ್ದು, ಮಕ್ಕಳ ಮೇಲೆ ದಾಳಿ ನಡೆಸಿದ ಘಟನೆಗಳು ವರದಿಯಾಗಿವೆ. ಪಾಲಿಕೆ ವಿರುದ್ಧ ನಾಗರಿಕರು ಆಕ್ರೋಶ ವ್ಯಕ್ತಪಡಿಸಿದ್ದಾರೆ.

ಸಂತ್ರಸ್ತರಿಗೆ ಚಿಕಿತ್ಸೆ ಕೊಡಿಸಲಾಗಿದ್ದು, ನಾಯಿಗಳ ಸಂತಾನಹರಣ ಶಸ್ತ್ರಚಿಕಿತ್ಸೆ ಚುರುಕುಗೊಳಿಸುವುದಾಗಿ ಪಾಲಿಕೆ ಅಧಿಕಾರಿಗಳು ತಿಳಿಸಿದ್ದಾರೆ.

ಇಬ್ಬರು ವಿದ್ಯಾರ್ಥಿಗಳು ನೀರುಪಾಲು

ಕಾರವಾರ: ಉತ್ತರ ಕನ್ನಡ ಜಿಲ್ಲೆಯ ಕಡಲ ತೀರದಲ್ಲಿ ಈಜಲು ತೆರಳಿದ್ದ ಇಬ್ಬರು ವಿದ್ಯಾರ್ಥಿಗಳು ನೀರುಪಾಲಾಗಿರುವ ಘಟನೆ ನಡೆದಿದೆ. ಸ್ನೇಹಿತರೊಂದಿಗೆ ಸಮುದ್ರಕ್ಕೆ ಇಳಿದಿದ್ದ ವೇಳೆ ಅಲೆಗಳ ಸೆಳೆತಕ್ಕೆ ಸಿಲುಕಿ ಕೊಚ್ಚಿಹೋಗಿದ್ದಾರೆ ಎನ್ನಲಾಗಿದೆ. ಸ್ಥಳೀಯ ಮೀನುಗಾರರು ಹಾಗೂ ಪೊಲೀಸರು ಜಂಟಿಯಾಗಿ ಶೋಧ ಕಾರ್ಯ ನಡೆಸಿದ್ದಾರೆ. ಘಟನೆಯಿಂದ ವಿದ್ಯಾರ್ಥಿಗಳ ಕುಟುಂಬಗಳಲ್ಲಿ ಸೂತಕದ ಛಾಯೆ ಆವರಿಸಿದೆ.
